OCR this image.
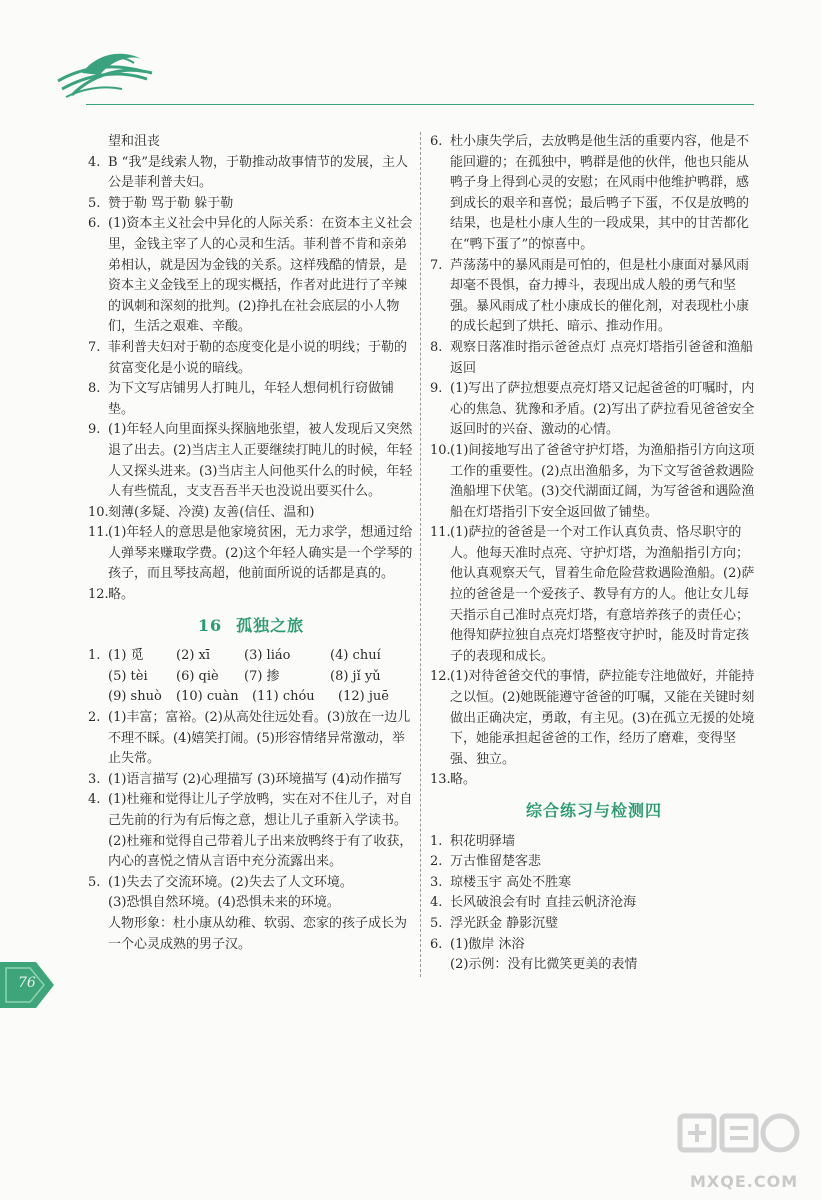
望和沮丧
4. B “我”是线索人物，于勒推动故事情节的发展，主人公是菲利普夫妇。
5. 赞于勒 骂于勒 躲于勒
6. (1)资本主义社会中异化的人际关系：在资本主义社会里，金钱主宰了人的心灵和生活。菲利普不肯和亲弟弟相认，就是因为金钱的关系。这样残酷的情景，是资本主义金钱至上的现实概括，作者对此进行了辛辣的讽刺和深刻的批判。(2)挣扎在社会底层的小人物们，生活之艰难、辛酸。
7. 菲利普夫妇对于勒的态度变化是小说的明线；于勒的贫富变化是小说的暗线。
8. 为下文写店铺男人打盹儿，年轻人想伺机行窃做铺垫。
9. (1)年轻人向里面探头探脑地张望，被人发现后又突然退了出去。(2)当店主人正要继续打盹儿的时候，年轻人又探头进来。(3)当店主人问他买什么的时候，年轻人有些慌乱，支支吾吾半天也没说出要买什么。
10. 刻薄(多疑、冷漠) 友善(信任、温和)
11. (1)年轻人的意思是他家境贫困，无力求学，想通过给人弹琴来赚取学费。(2)这个年轻人确实是一个学琴的孩子，而且琴技高超，他前面所说的话都是真的。
12. 略。
16 孤独之旅
1. (1) 觅	(2) xī	(3) liáo	(4) chuí
(5) tèi	(6) qiè	(7) 掺	(8) jǐ yǔ
(9) shuò	(10) cuàn	(11) chóu	(12) juē
2. (1)丰富；富裕。(2)从高处往远处看。(3)放在一边儿不理不睬。(4)嬉笑打闹。(5)形容情绪异常激动，举止失常。
3. (1)语言描写 (2)心理描写 (3)环境描写 (4)动作描写
4. (1)杜雍和觉得让儿子学放鸭，实在对不住儿子，对自己先前的行为有后悔之意，想让儿子重新入学读书。
(2)杜雍和觉得自己带着儿子出来放鸭终于有了收获，内心的喜悦之情从言语中充分流露出来。
5. (1)失去了交流环境。(2)失去了人文环境。
(3)恐惧自然环境。(4)恐惧未来的环境。
人物形象：杜小康从幼稚、软弱、恋家的孩子成长为一个心灵成熟的男子汉。
6. 杜小康失学后，去放鸭是他生活的重要内容，他是不能回避的；在孤独中，鸭群是他的伙伴，他也只能从鸭子身上得到心灵的安慰；在风雨中他维护鸭群，感到成长的艰辛和喜悦；最后鸭子下蛋，不仅是放鸭的结果，也是杜小康人生的一段成果，其中的甘苦都化在“鸭下蛋了”的惊喜中。
7. 芦荡荡中的暴风雨是可怕的，但是杜小康面对暴风雨却毫不畏惧，奋力搏斗，表现出成人般的勇气和坚强。暴风雨成了杜小康成长的催化剂，对表现杜小康的成长起到了烘托、暗示、推动作用。
8. 观察日落准时指示爸爸点灯 点亮灯塔指引爸爸和渔船返回
9. (1)写出了萨拉想要点亮灯塔又记起爸爸的叮嘱时，内心的焦急、犹豫和矛盾。(2)写出了萨拉看见爸爸安全返回时的兴奋、激动的心情。
10. (1)间接地写出了爸爸守护灯塔，为渔船指引方向这项工作的重要性。(2)点出渔船多，为下文写爸爸救遇险渔船埋下伏笔。(3)交代湖面辽阔，为写爸爸和遇险渔船在灯塔指引下安全返回做了铺垫。
11. (1)萨拉的爸爸是一个对工作认真负责、恪尽职守的人。他每天准时点亮、守护灯塔，为渔船指引方向；他认真观察天气，冒着生命危险营救遇险渔船。(2)萨拉的爸爸是一个爱孩子、教导有方的人。他让女儿每天指示自己准时点亮灯塔，有意培养孩子的责任心；他得知萨拉独自点亮灯塔整夜守护时，能及时肯定孩子的表现和成长。
12. (1)对待爸爸交代的事情，萨拉能专注地做好，并能持之以恒。(2)她既能遵守爸爸的叮嘱，又能在关键时刻做出正确决定，勇敢，有主见。(3)在孤立无援的处境下，她能承担起爸爸的工作，经历了磨难，变得坚强、独立。
13. 略。
综合练习与检测四
1. 积花明驿墙
2. 万古惟留楚客悲
3. 琼楼玉宇 高处不胜寒
4. 长风破浪会有时 直挂云帆济沧海
5. 浮光跃金 静影沉璧
6. (1)傲岸 沐浴
(2)示例：没有比微笑更美的表情
76
MXQE.COM
